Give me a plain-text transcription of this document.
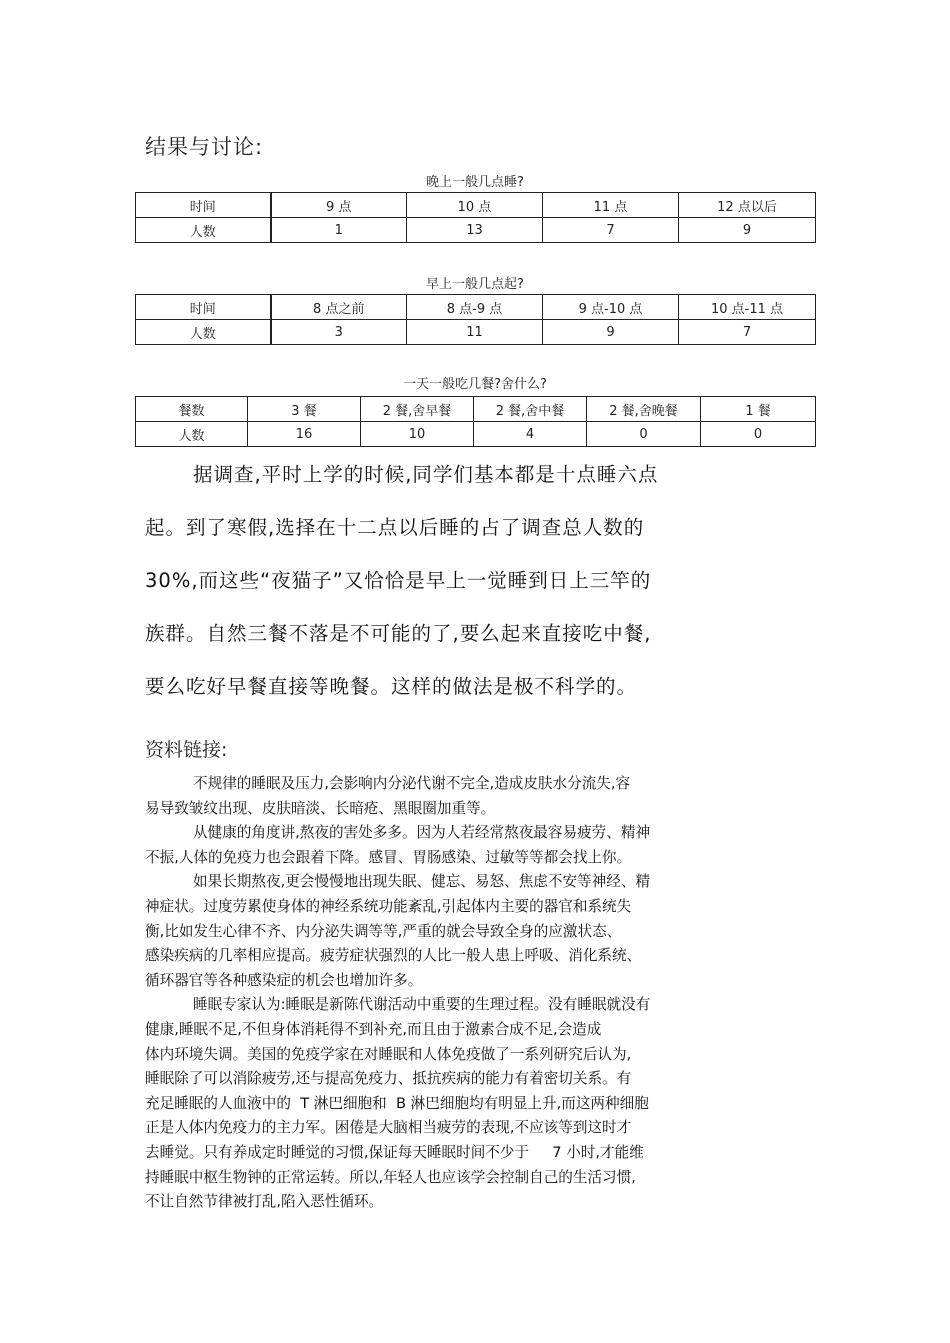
结果与讨论:
晚上一般几点睡?
时间	9 点	10 点	11 点	12 点以后
人数	1	13	7	9
早上一般几点起?
时间	8 点之前	8 点-9 点	9 点-10 点	10 点-11 点
人数	3	11	9	7
一天一般吃几餐?舍什么?
餐数	3 餐	2 餐,舍早餐	2 餐,舍中餐	2 餐,舍晚餐	1 餐
人数	16	10	4	0	0
据调查,平时上学的时候,同学们基本都是十点睡六点
起。到了寒假,选择在十二点以后睡的占了调查总人数的
30%,而这些“夜猫子”又恰恰是早上一觉睡到日上三竿的
族群。自然三餐不落是不可能的了,要么起来直接吃中餐,
要么吃好早餐直接等晚餐。这样的做法是极不科学的。
资料链接:
不规律的睡眠及压力,会影响内分泌代谢不完全,造成皮肤水分流失,容
易导致皱纹出现、皮肤暗淡、长暗疮、黑眼圈加重等。
从健康的角度讲,熬夜的害处多多。因为人若经常熬夜最容易疲劳、精神
不振,人体的免疫力也会跟着下降。感冒、胃肠感染、过敏等等都会找上你。
如果长期熬夜,更会慢慢地出现失眠、健忘、易怒、焦虑不安等神经、精
神症状。过度劳累使身体的神经系统功能紊乱,引起体内主要的器官和系统失
衡,比如发生心律不齐、内分泌失调等等,严重的就会导致全身的应激状态、
感染疾病的几率相应提高。疲劳症状强烈的人比一般人患上呼吸、消化系统、
循环器官等各种感染症的机会也增加许多。
睡眠专家认为:睡眠是新陈代谢活动中重要的生理过程。没有睡眠就没有
健康,睡眠不足,不但身体消耗得不到补充,而且由于激素合成不足,会造成
体内环境失调。美国的免疫学家在对睡眠和人体免疫做了一系列研究后认为,
睡眠除了可以消除疲劳,还与提高免疫力、抵抗疾病的能力有着密切关系。有
充足睡眠的人血液中的  T 淋巴细胞和  B 淋巴细胞均有明显上升,而这两种细胞
正是人体内免疫力的主力军。困倦是大脑相当疲劳的表现,不应该等到这时才
去睡觉。只有养成定时睡觉的习惯,保证每天睡眠时间不少于     7 小时,才能维
持睡眠中枢生物钟的正常运转。所以,年轻人也应该学会控制自己的生活习惯,
不让自然节律被打乱,陷入恶性循环。
